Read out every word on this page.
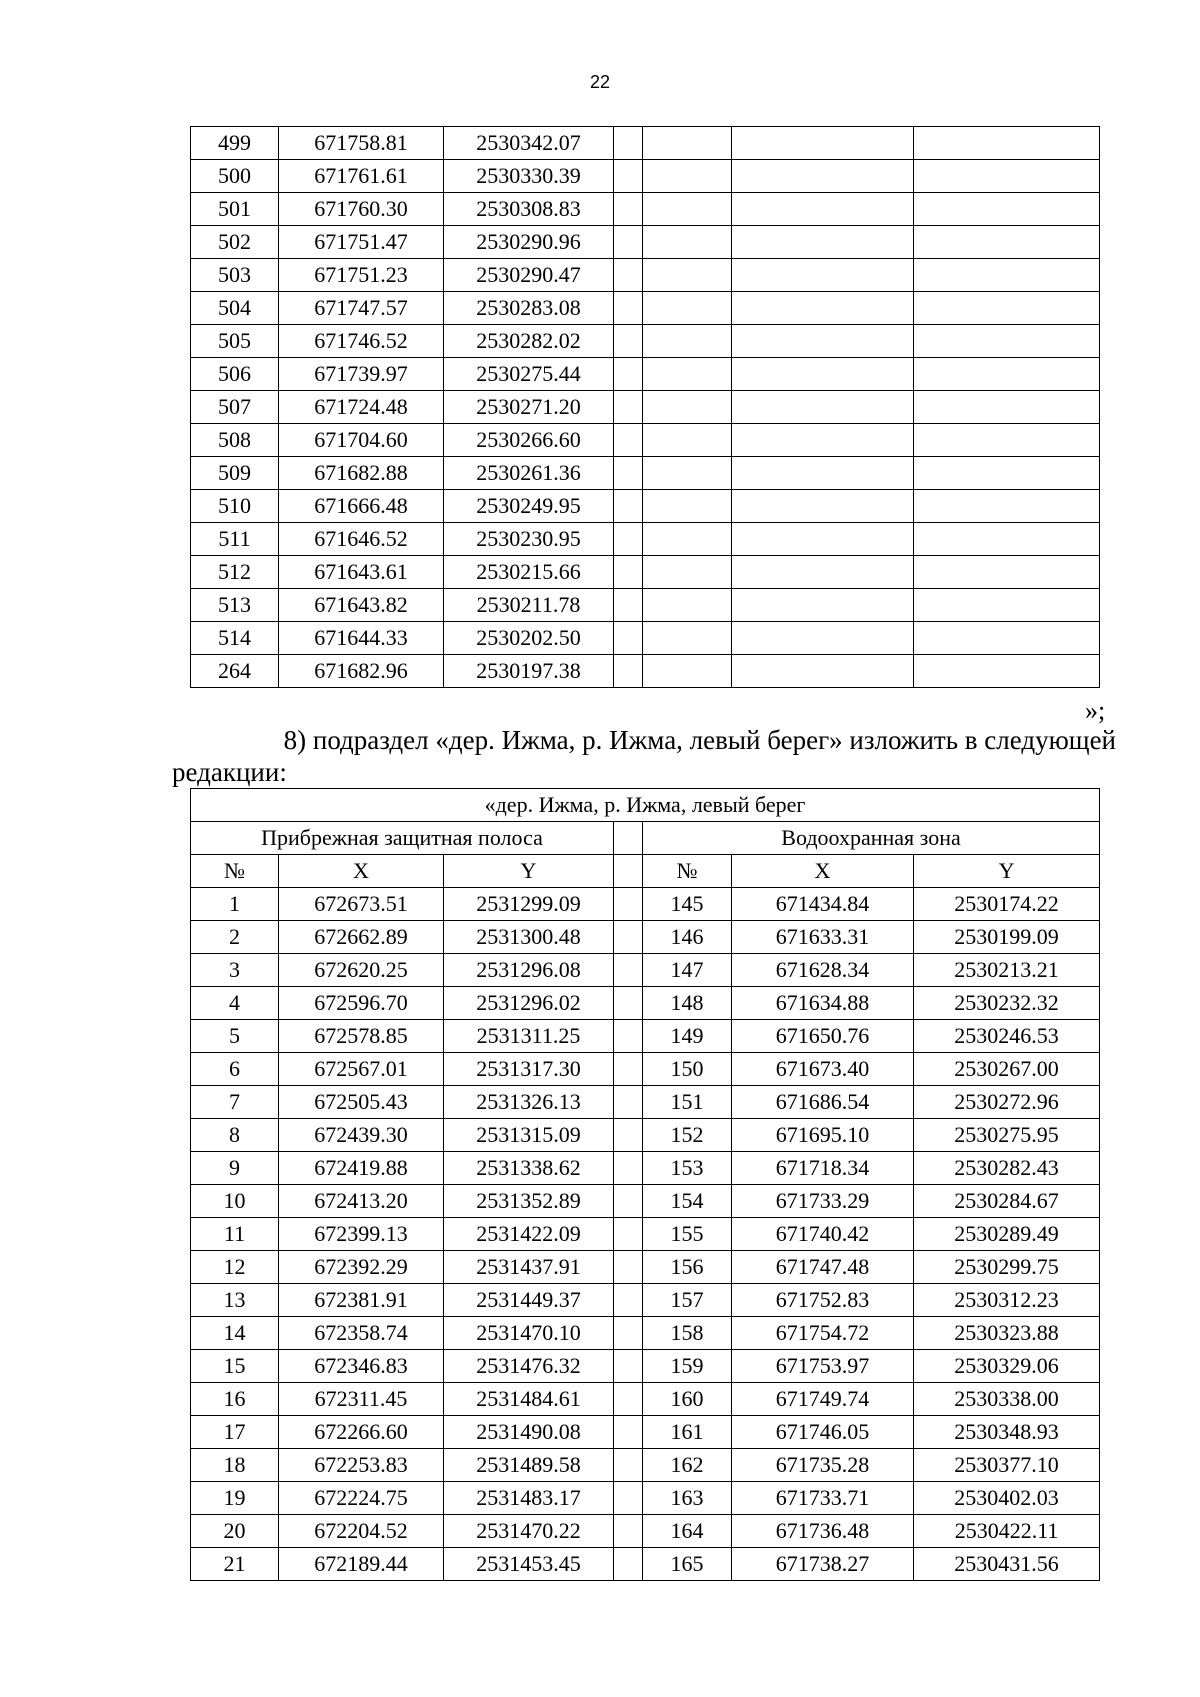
22
499	671758.81	2530342.07				
500	671761.61	2530330.39				
501	671760.30	2530308.83				
502	671751.47	2530290.96				
503	671751.23	2530290.47				
504	671747.57	2530283.08				
505	671746.52	2530282.02				
506	671739.97	2530275.44				
507	671724.48	2530271.20				
508	671704.60	2530266.60				
509	671682.88	2530261.36				
510	671666.48	2530249.95				
511	671646.52	2530230.95				
512	671643.61	2530215.66				
513	671643.82	2530211.78				
514	671644.33	2530202.50				
264	671682.96	2530197.38				
»;
8) подраздел «дер. Ижма, р. Ижма, левый берег» изложить в следующей
редакции:
«дер. Ижма, р. Ижма, левый берег						
Прибрежная защитная полоса				Водоохранная зона		
№	X	Y		№	X	Y
1	672673.51	2531299.09		145	671434.84	2530174.22
2	672662.89	2531300.48		146	671633.31	2530199.09
3	672620.25	2531296.08		147	671628.34	2530213.21
4	672596.70	2531296.02		148	671634.88	2530232.32
5	672578.85	2531311.25		149	671650.76	2530246.53
6	672567.01	2531317.30		150	671673.40	2530267.00
7	672505.43	2531326.13		151	671686.54	2530272.96
8	672439.30	2531315.09		152	671695.10	2530275.95
9	672419.88	2531338.62		153	671718.34	2530282.43
10	672413.20	2531352.89		154	671733.29	2530284.67
11	672399.13	2531422.09		155	671740.42	2530289.49
12	672392.29	2531437.91		156	671747.48	2530299.75
13	672381.91	2531449.37		157	671752.83	2530312.23
14	672358.74	2531470.10		158	671754.72	2530323.88
15	672346.83	2531476.32		159	671753.97	2530329.06
16	672311.45	2531484.61		160	671749.74	2530338.00
17	672266.60	2531490.08		161	671746.05	2530348.93
18	672253.83	2531489.58		162	671735.28	2530377.10
19	672224.75	2531483.17		163	671733.71	2530402.03
20	672204.52	2531470.22		164	671736.48	2530422.11
21	672189.44	2531453.45		165	671738.27	2530431.56
